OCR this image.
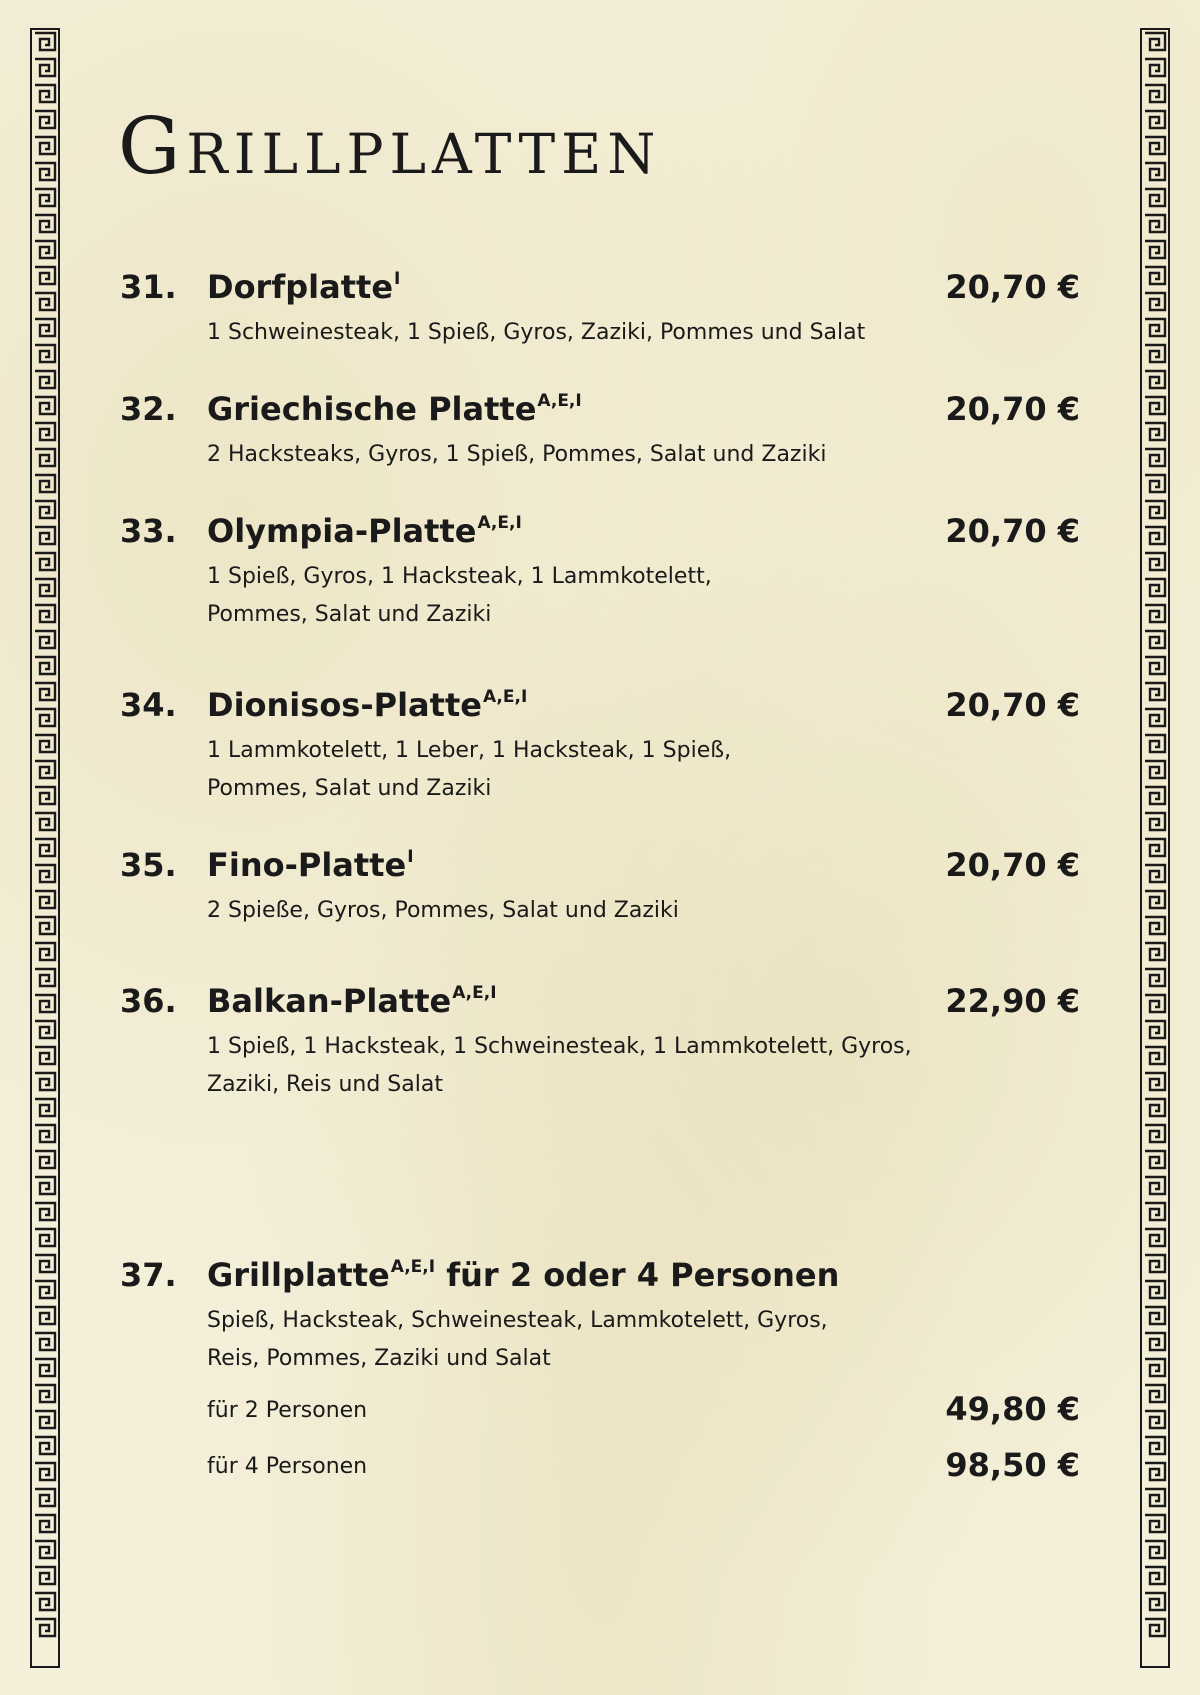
Grillplatten
31. Dorfplatte$^I$	20,70 €
1 Schweinesteak, 1 Spieß, Gyros, Zaziki, Pommes und Salat
32. Griechische Platte$^{A,E,I}$	20,70 €
2 Hacksteaks, Gyros, 1 Spieß, Pommes, Salat und Zaziki
33. Olympia-Platte$^{A,E,I}$	20,70 €
1 Spieß, Gyros, 1 Hacksteak, 1 Lammkotelett,
Pommes, Salat und Zaziki
34. Dionisos-Platte$^{A,E,I}$	20,70 €
1 Lammkotelett, 1 Leber, 1 Hacksteak, 1 Spieß,
Pommes, Salat und Zaziki
35. Fino-Platte$^I$	20,70 €
2 Spieße, Gyros, Pommes, Salat und Zaziki
36. Balkan-Platte$^{A,E,I}$	22,90 €
1 Spieß, 1 Hacksteak, 1 Schweinesteak, 1 Lammkotelett, Gyros,
Zaziki, Reis und Salat
37. Grillplatte$^{A,E,I}$ für 2 oder 4 Personen
Spieß, Hacksteak, Schweinesteak, Lammkotelett, Gyros,
Reis, Pommes, Zaziki und Salat
für 2 Personen	49,80 €
für 4 Personen	98,50 €
